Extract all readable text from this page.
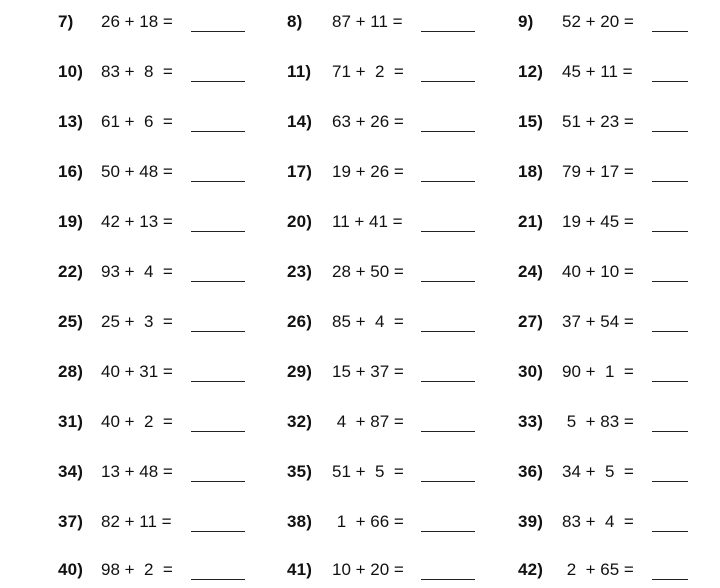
7) 26 + 18 =	8) 87 + 11 =	9) 52 + 20 =
10) 83 +  8  =	11) 71 +  2  =	12) 45 + 11 =
13) 61 +  6  =	14) 63 + 26 =	15) 51 + 23 =
16) 50 + 48 =	17) 19 + 26 =	18) 79 + 17 =
19) 42 + 13 =	20) 11 + 41 =	21) 19 + 45 =
22) 93 +  4  =	23) 28 + 50 =	24) 40 + 10 =
25) 25 +  3  =	26) 85 +  4  =	27) 37 + 54 =
28) 40 + 31 =	29) 15 + 37 =	30) 90 +  1  =
31) 40 +  2  =	32) 4  + 87 =	33) 5  + 83 =
34) 13 + 48 =	35) 51 +  5  =	36) 34 +  5  =
37) 82 + 11 =	38) 1  + 66 =	39) 83 +  4  =
40) 98 +  2  =	41) 10 + 20 =	42) 2  + 65 =
